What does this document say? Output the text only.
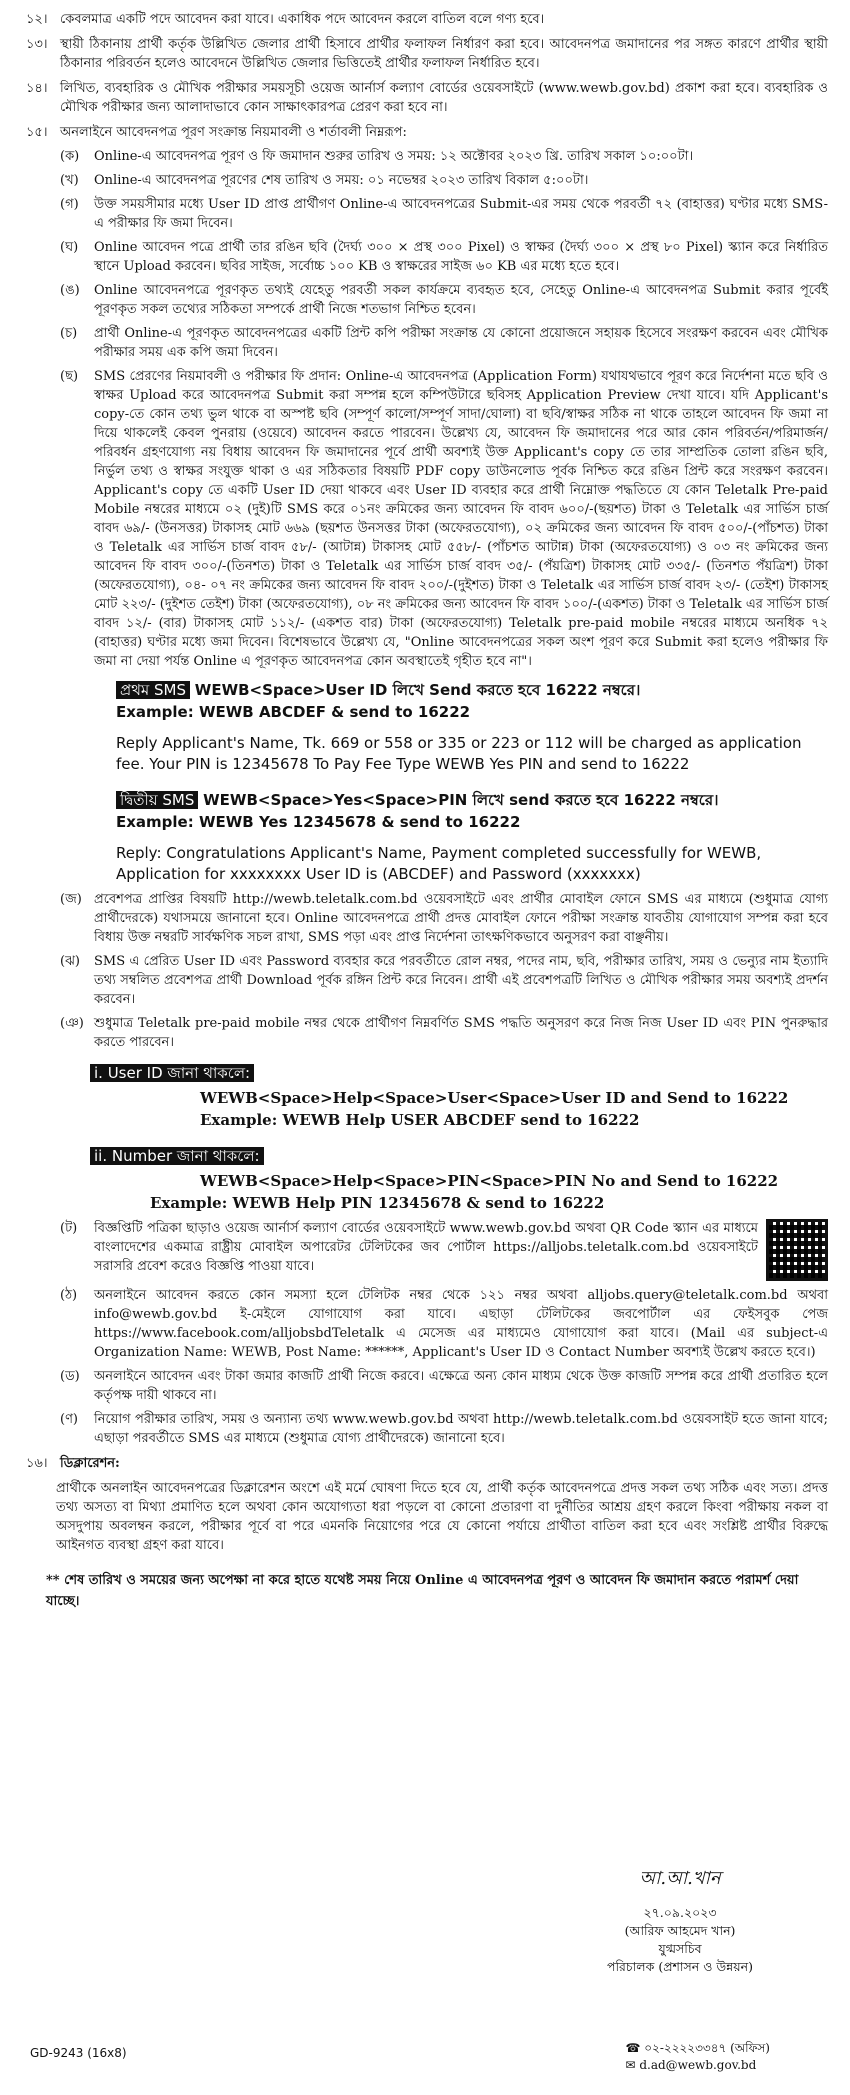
১২। কেবলমাত্র একটি পদে আবেদন করা যাবে। একাধিক পদে আবেদন করলে বাতিল বলে গণ্য হবে।
১৩। স্থায়ী ঠিকানায় প্রার্থী কর্তৃক উল্লিখিত জেলার প্রার্থী হিসাবে প্রার্থীর ফলাফল নির্ধারণ করা হবে। আবেদনপত্র জমাদানের পর সঙ্গত কারণে প্রার্থীর স্থায়ী ঠিকানার পরিবর্তন হলেও আবেদনে উল্লিখিত জেলার ভিত্তিতেই প্রার্থীর ফলাফল নির্ধারিত হবে।
১৪। লিখিত, ব্যবহারিক ও মৌখিক পরীক্ষার সময়সূচী ওয়েজ আর্নার্স কল্যাণ বোর্ডের ওয়েবসাইটে (www.wewb.gov.bd) প্রকাশ করা হবে। ব্যবহারিক ও মৌখিক পরীক্ষার জন্য আলাদাভাবে কোন সাক্ষাৎকারপত্র প্রেরণ করা হবে না।
১৫। অনলাইনে আবেদনপত্র পূরণ সংক্রান্ত নিয়মাবলী ও শর্তাবলী নিম্নরূপ:
(ক)	Online-এ আবেদনপত্র পূরণ ও ফি জমাদান শুরুর তারিখ ও সময়: ১২ অক্টোবর ২০২৩ খ্রি. তারিখ সকাল ১০:০০টা।
(খ)	Online-এ আবেদনপত্র পূরণের শেষ তারিখ ও সময়: ০১ নভেম্বর ২০২৩ তারিখ বিকাল ৫:০০টা।
(গ)	উক্ত সময়সীমার মধ্যে User ID প্রাপ্ত প্রার্থীগণ Online-এ আবেদনপত্রের Submit-এর সময় থেকে পরবর্তী ৭২ (বাহাত্তর) ঘণ্টার মধ্যে SMS-এ পরীক্ষার ফি জমা দিবেন।
(ঘ)	Online আবেদন পত্রে প্রার্থী তার রঙিন ছবি (দৈর্ঘ্য ৩০০ × প্রস্থ ৩০০ Pixel) ও স্বাক্ষর (দৈর্ঘ্য ৩০০ × প্রস্থ ৮০ Pixel) স্ক্যান করে নির্ধারিত স্থানে Upload করবেন। ছবির সাইজ, সর্বোচ্চ ১০০ KB ও স্বাক্ষরের সাইজ ৬০ KB এর মধ্যে হতে হবে।
(ঙ)	Online আবেদনপত্রে পূরণকৃত তথ্যই যেহেতু পরবর্তী সকল কার্যক্রমে ব্যবহৃত হবে, সেহেতু Online-এ আবেদনপত্র Submit করার পূর্বেই পূরণকৃত সকল তথ্যের সঠিকতা সম্পর্কে প্রার্থী নিজে শতভাগ নিশ্চিত হবেন।
(চ)	প্রার্থী Online-এ পূরণকৃত আবেদনপত্রের একটি প্রিন্ট কপি পরীক্ষা সংক্রান্ত যে কোনো প্রয়োজনে সহায়ক হিসেবে সংরক্ষণ করবেন এবং মৌখিক পরীক্ষার সময় এক কপি জমা দিবেন।
(ছ)	SMS প্রেরণের নিয়মাবলী ও পরীক্ষার ফি প্রদান: Online-এ আবেদনপত্র (Application Form) যথাযথভাবে পূরণ করে নির্দেশনা মতে ছবি ও স্বাক্ষর Upload করে আবেদনপত্র Submit করা সম্পন্ন হলে কম্পিউটারে ছবিসহ Application Preview দেখা যাবে। যদি Applicant's copy-তে কোন তথ্য ভুল থাকে বা অস্পষ্ট ছবি (সম্পূর্ণ কালো/সম্পূর্ণ সাদা/ঘোলা) বা ছবি/স্বাক্ষর সঠিক না থাকে তাহলে আবেদন ফি জমা না দিয়ে থাকলেই কেবল পুনরায় (ওয়েবে) আবেদন করতে পারবেন। উল্লেখ্য যে, আবেদন ফি জমাদানের পরে আর কোন পরিবর্তন/পরিমার্জন/পরিবর্ধন গ্রহণযোগ্য নয় বিধায় আবেদন ফি জমাদানের পূর্বে প্রার্থী অবশ্যই উক্ত Applicant's copy তে তার সাম্প্রতিক তোলা রঙিন ছবি, নির্ভুল তথ্য ও স্বাক্ষর সংযুক্ত থাকা ও এর সঠিকতার বিষয়টি PDF copy ডাউনলোড পূর্বক নিশ্চিত করে রঙিন প্রিন্ট করে সংরক্ষণ করবেন। Applicant's copy তে একটি User ID দেয়া থাকবে এবং User ID ব্যবহার করে প্রার্থী নিম্নোক্ত পদ্ধতিতে যে কোন Teletalk Pre-paid Mobile নম্বরের মাধ্যমে ০২ (দুই)টি SMS করে ০১নং ক্রমিকের জন্য আবেদন ফি বাবদ ৬০০/-(ছয়শত) টাকা ও Teletalk এর সার্ভিস চার্জ বাবদ ৬৯/- (উনসত্তর) টাকাসহ মোট ৬৬৯ (ছয়শত উনসত্তর টাকা (অফেরতযোগ্য), ০২ ক্রমিকের জন্য আবেদন ফি বাবদ ৫০০/-(পাঁচশত) টাকা ও Teletalk এর সার্ভিস চার্জ বাবদ ৫৮/- (আটান্ন) টাকাসহ মোট ৫৫৮/- (পাঁচশত আটান্ন) টাকা (অফেরতযোগ্য) ও ০৩ নং ক্রমিকের জন্য আবেদন ফি বাবদ ৩০০/-(তিনশত) টাকা ও Teletalk এর সার্ভিস চার্জ বাবদ ৩৫/- (পঁয়ত্রিশ) টাকাসহ মোট ৩৩৫/- (তিনশত পঁয়ত্রিশ) টাকা (অফেরতযোগ্য), ০৪- ০৭ নং ক্রমিকের জন্য আবেদন ফি বাবদ ২০০/-(দুইশত) টাকা ও Teletalk এর সার্ভিস চার্জ বাবদ ২৩/- (তেইশ) টাকাসহ মোট ২২৩/- (দুইশত তেইশ) টাকা (অফেরতযোগ্য), ০৮ নং ক্রমিকের জন্য আবেদন ফি বাবদ ১০০/-(একশত) টাকা ও Teletalk এর সার্ভিস চার্জ বাবদ ১২/- (বার) টাকাসহ মোট ১১২/- (একশত বার) টাকা (অফেরতযোগ্য) Teletalk pre-paid mobile নম্বরের মাধ্যমে অনধিক ৭২ (বাহাত্তর) ঘণ্টার মধ্যে জমা দিবেন। বিশেষভাবে উল্লেখ্য যে, "Online আবেদনপত্রের সকল অংশ পূরণ করে Submit করা হলেও পরীক্ষার ফি জমা না দেয়া পর্যন্ত Online এ পূরণকৃত আবেদনপত্র কোন অবস্থাতেই গৃহীত হবে না"।
প্রথম SMS WEWB<Space>User ID লিখে Send করতে হবে 16222 নম্বরে।
Example: WEWB ABCDEF & send to 16222
Reply Applicant's Name, Tk. 669 or 558 or 335 or 223 or 112 will be charged as application fee. Your PIN is 12345678 To Pay Fee Type WEWB Yes PIN and send to 16222
দ্বিতীয় SMS WEWB<Space>Yes<Space>PIN লিখে send করতে হবে 16222 নম্বরে।
Example: WEWB Yes 12345678 & send to 16222
Reply: Congratulations Applicant's Name, Payment completed successfully for WEWB, Application for xxxxxxxx User ID is (ABCDEF) and Password (xxxxxxx)
(জ) প্রবেশপত্র প্রাপ্তির বিষয়টি http://wewb.teletalk.com.bd ওয়েবসাইটে এবং প্রার্থীর মোবাইল ফোনে SMS এর মাধ্যমে (শুধুমাত্র যোগ্য প্রার্থীদেরকে) যথাসময়ে জানানো হবে। Online আবেদনপত্রে প্রার্থী প্রদত্ত মোবাইল ফোনে পরীক্ষা সংক্রান্ত যাবতীয় যোগাযোগ সম্পন্ন করা হবে বিধায় উক্ত নম্বরটি সার্বক্ষণিক সচল রাখা, SMS পড়া এবং প্রাপ্ত নির্দেশনা তাৎক্ষণিকভাবে অনুসরণ করা বাঞ্ছনীয়।
(ঝ)	SMS এ প্রেরিত User ID এবং Password ব্যবহার করে পরবর্তীতে রোল নম্বর, পদের নাম, ছবি, পরীক্ষার তারিখ, সময় ও ভেন্যুর নাম ইত্যাদি তথ্য সম্বলিত প্রবেশপত্র প্রার্থী Download পূর্বক রঙ্গিন প্রিন্ট করে নিবেন। প্রার্থী এই প্রবেশপত্রটি লিখিত ও মৌখিক পরীক্ষার সময় অবশ্যই প্রদর্শন করবেন।
(ঞ) শুধুমাত্র Teletalk pre-paid mobile নম্বর থেকে প্রার্থীগণ নিম্নবর্ণিত SMS পদ্ধতি অনুসরণ করে নিজ নিজ User ID এবং PIN পুনরুদ্ধার করতে পারবেন।
i. User ID জানা থাকলে:
WEWB<Space>Help<Space>User<Space>User ID and Send to 16222
Example: WEWB Help USER ABCDEF send to 16222
ii. Number জানা থাকলে:
WEWB<Space>Help<Space>PIN<Space>PIN No and Send to 16222
Example: WEWB Help PIN 12345678 & send to 16222
(ট)	বিজ্ঞপ্তিটি পত্রিকা ছাড়াও ওয়েজ আর্নার্স কল্যাণ বোর্ডের ওয়েবসাইটে www.wewb.gov.bd অথবা QR Code স্ক্যান এর মাধ্যমে বাংলাদেশের একমাত্র রাষ্ট্রীয় মোবাইল অপারেটর টেলিটকের জব পোর্টাল https://alljobs.teletalk.com.bd ওয়েবসাইটে সরাসরি প্রবেশ করেও বিজ্ঞপ্তি পাওয়া যাবে।
(ঠ)	অনলাইনে আবেদন করতে কোন সমস্যা হলে টেলিটক নম্বর থেকে ১২১ নম্বর অথবা alljobs.query@teletalk.com.bd অথবা info@wewb.gov.bd ই-মেইলে যোগাযোগ করা যাবে। এছাড়া টেলিটকের জবপোর্টাল এর ফেইসবুক পেজ https://www.facebook.com/alljobsbdTeletalk এ মেসেজ এর মাধ্যমেও যোগাযোগ করা যাবে। (Mail এর subject-এ Organization Name: WEWB, Post Name: ******, Applicant's User ID ও Contact Number অবশ্যই উল্লেখ করতে হবে।)
(ড)	অনলাইনে আবেদন এবং টাকা জমার কাজটি প্রার্থী নিজে করবে। এক্ষেত্রে অন্য কোন মাধ্যম থেকে উক্ত কাজটি সম্পন্ন করে প্রার্থী প্রতারিত হলে কর্তৃপক্ষ দায়ী থাকবে না।
(ণ)	নিয়োগ পরীক্ষার তারিখ, সময় ও অন্যান্য তথ্য www.wewb.gov.bd অথবা http://wewb.teletalk.com.bd ওয়েবসাইট হতে জানা যাবে; এছাড়া পরবর্তীতে SMS এর মাধ্যমে (শুধুমাত্র যোগ্য প্রার্থীদেরকে) জানানো হবে।
১৬। ডিক্লারেশন:
প্রার্থীকে অনলাইন আবেদনপত্রের ডিক্লারেশন অংশে এই মর্মে ঘোষণা দিতে হবে যে, প্রার্থী কর্তৃক আবেদনপত্রে প্রদত্ত সকল তথ্য সঠিক এবং সত্য। প্রদত্ত তথ্য অসত্য বা মিথ্যা প্রমাণিত হলে অথবা কোন অযোগ্যতা ধরা পড়লে বা কোনো প্রতারণা বা দুর্নীতির আশ্রয় গ্রহণ করলে কিংবা পরীক্ষায় নকল বা অসদুপায় অবলম্বন করলে, পরীক্ষার পূর্বে বা পরে এমনকি নিয়োগের পরে যে কোনো পর্যায়ে প্রার্থীতা বাতিল করা হবে এবং সংশ্লিষ্ট প্রার্থীর বিরুদ্ধে আইনগত ব্যবস্থা গ্রহণ করা যাবে।
** শেষ তারিখ ও সময়ের জন্য অপেক্ষা না করে হাতে যথেষ্ট সময় নিয়ে Online এ আবেদনপত্র পূরণ ও আবেদন ফি জমাদান করতে পরামর্শ দেয়া যাচ্ছে।
আ.আ.খান
২৭.০৯.২০২৩
(আরিফ আহমেদ খান)
যুগ্মসচিব
পরিচালক (প্রশাসন ও উন্নয়ন)
☎ ০২-২২২২৩৩৪৭ (অফিস)
✉ d.ad@wewb.gov.bd
GD-9243 (16x8)
